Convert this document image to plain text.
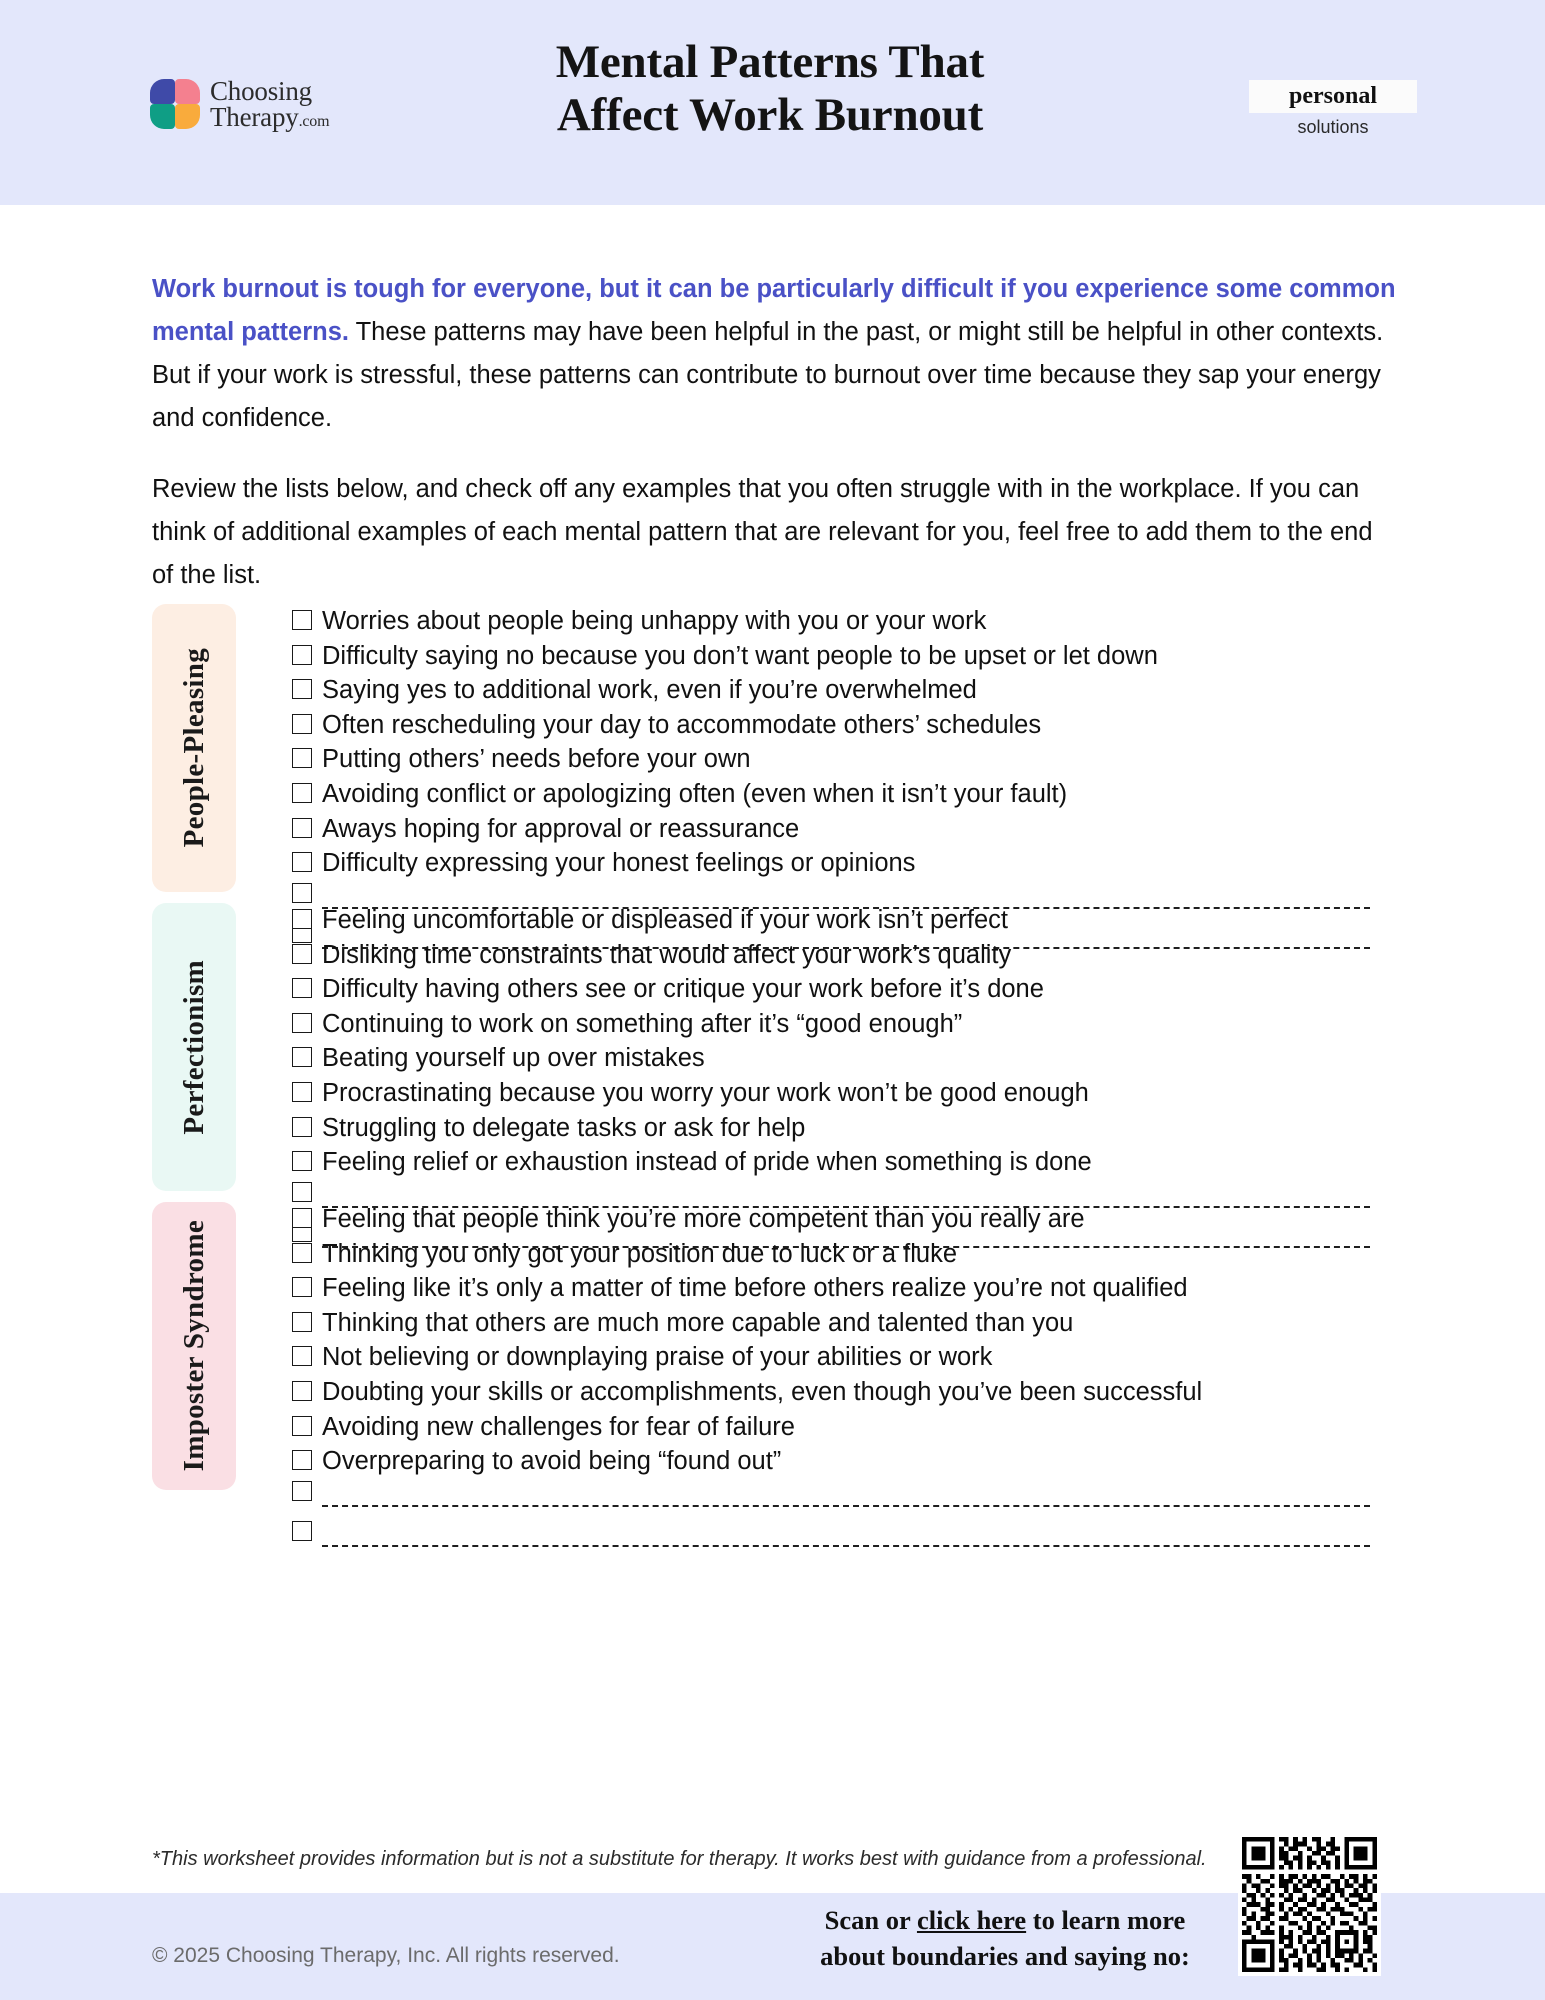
Choosing
Therapy.com
Mental Patterns That
Affect Work Burnout	personal
solutions

Work burnout is tough for everyone, but it can be particularly difficult if you experience some common mental patterns. These patterns may have been helpful in the past, or might still be helpful in other contexts. But if your work is stressful, these patterns can contribute to burnout over time because they sap your energy and confidence.

Review the lists below, and check off any examples that you often struggle with in the workplace. If you can think of additional examples of each mental pattern that are relevant for you, feel free to add them to the end of the list.

People-Pleasing
Worries about people being unhappy with you or your work
Difficulty saying no because you don’t want people to be upset or let down
Saying yes to additional work, even if you’re overwhelmed
Often rescheduling your day to accommodate others’ schedules
Putting others’ needs before your own
Avoiding conflict or apologizing often (even when it isn’t your fault)
Aways hoping for approval or reassurance
Difficulty expressing your honest feelings or opinions
Perfectionism
Feeling uncomfortable or displeased if your work isn’t perfect
Disliking time constraints that would affect your work’s quality
Difficulty having others see or critique your work before it’s done
Continuing to work on something after it’s “good enough”
Beating yourself up over mistakes
Procrastinating because you worry your work won’t be good enough
Struggling to delegate tasks or ask for help
Feeling relief or exhaustion instead of pride when something is done
Imposter Syndrome
Feeling that people think you’re more competent than you really are
Thinking you only got your position due to luck or a fluke
Feeling like it’s only a matter of time before others realize you’re not qualified
Thinking that others are much more capable and talented than you
Not believing or downplaying praise of your abilities or work
Doubting your skills or accomplishments, even though you’ve been successful
Avoiding new challenges for fear of failure
Overpreparing to avoid being “found out”
*This worksheet provides information but is not a substitute for therapy. It works best with guidance from a professional.
© 2025 Choosing Therapy, Inc. All rights reserved.
Scan or click here to learn more
about boundaries and saying no:
